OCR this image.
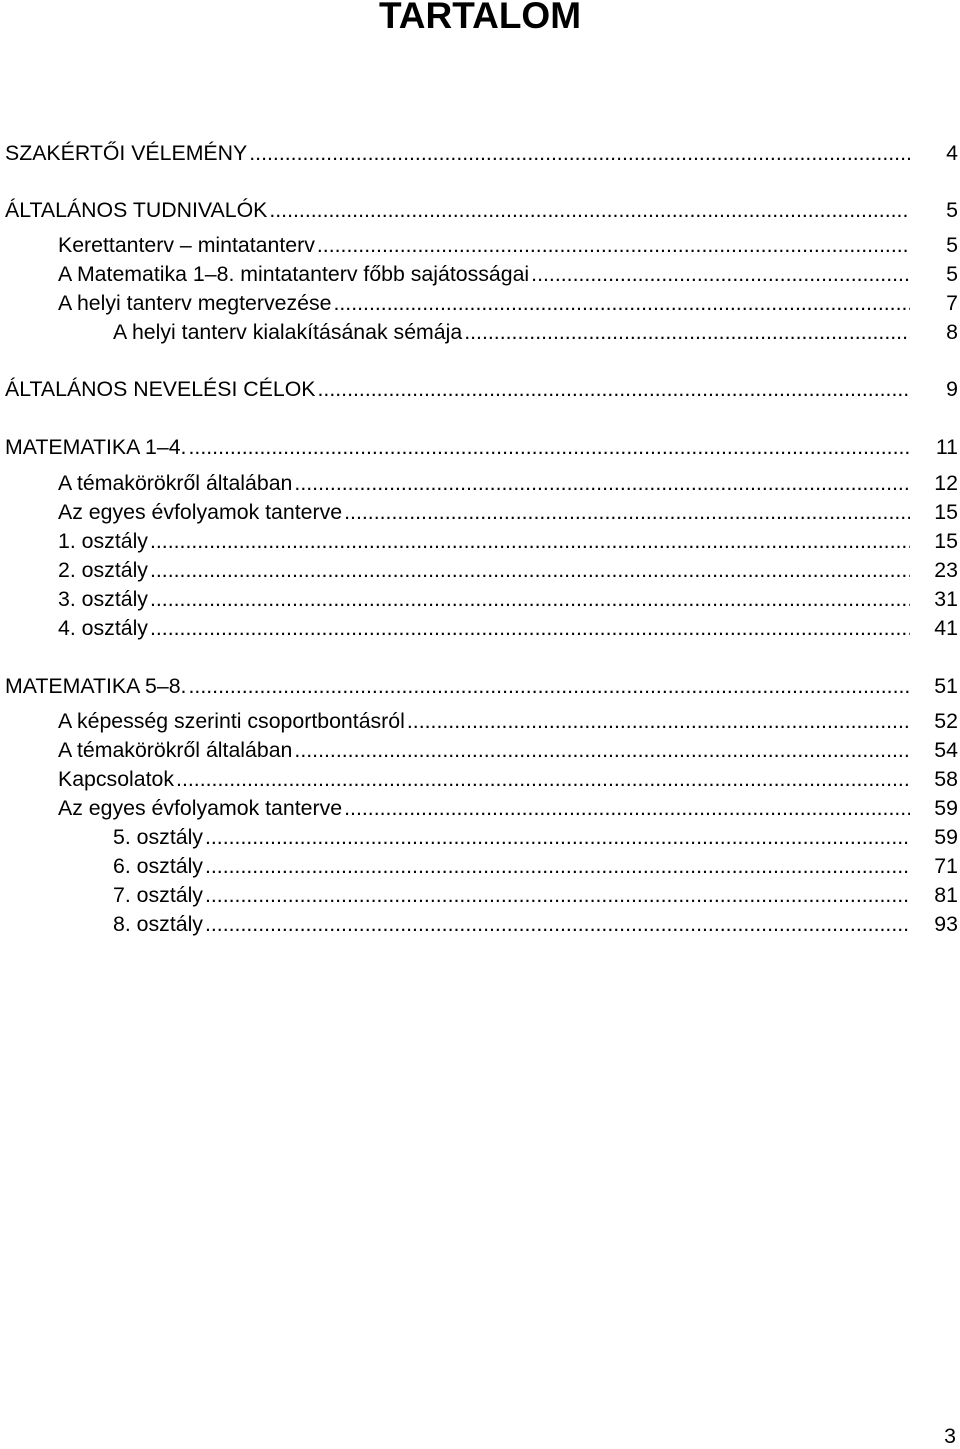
TARTALOM
SZAKÉRTŐI VÉLEMÉNY .....	4
ÁLTALÁNOS TUDNIVALÓK .....	5
Kerettanterv – mintatanterv .....	5
A Matematika 1–8. mintatanterv főbb sajátosságai .....	5
A helyi tanterv megtervezése .....	7
A helyi tanterv kialakításának sémája .....	8
ÁLTALÁNOS NEVELÉSI CÉLOK .....	9
MATEMATIKA 1–4. .....	11
A témakörökről általában .....	12
Az egyes évfolyamok tanterve .....	15
1. osztály .....	15
2. osztály .....	23
3. osztály .....	31
4. osztály .....	41
MATEMATIKA 5–8. .....	51
A képesség szerinti csoportbontásról .....	52
A témakörökről általában .....	54
Kapcsolatok .....	58
Az egyes évfolyamok tanterve .....	59
5. osztály .....	59
6. osztály .....	71
7. osztály .....	81
8. osztály .....	93
3
